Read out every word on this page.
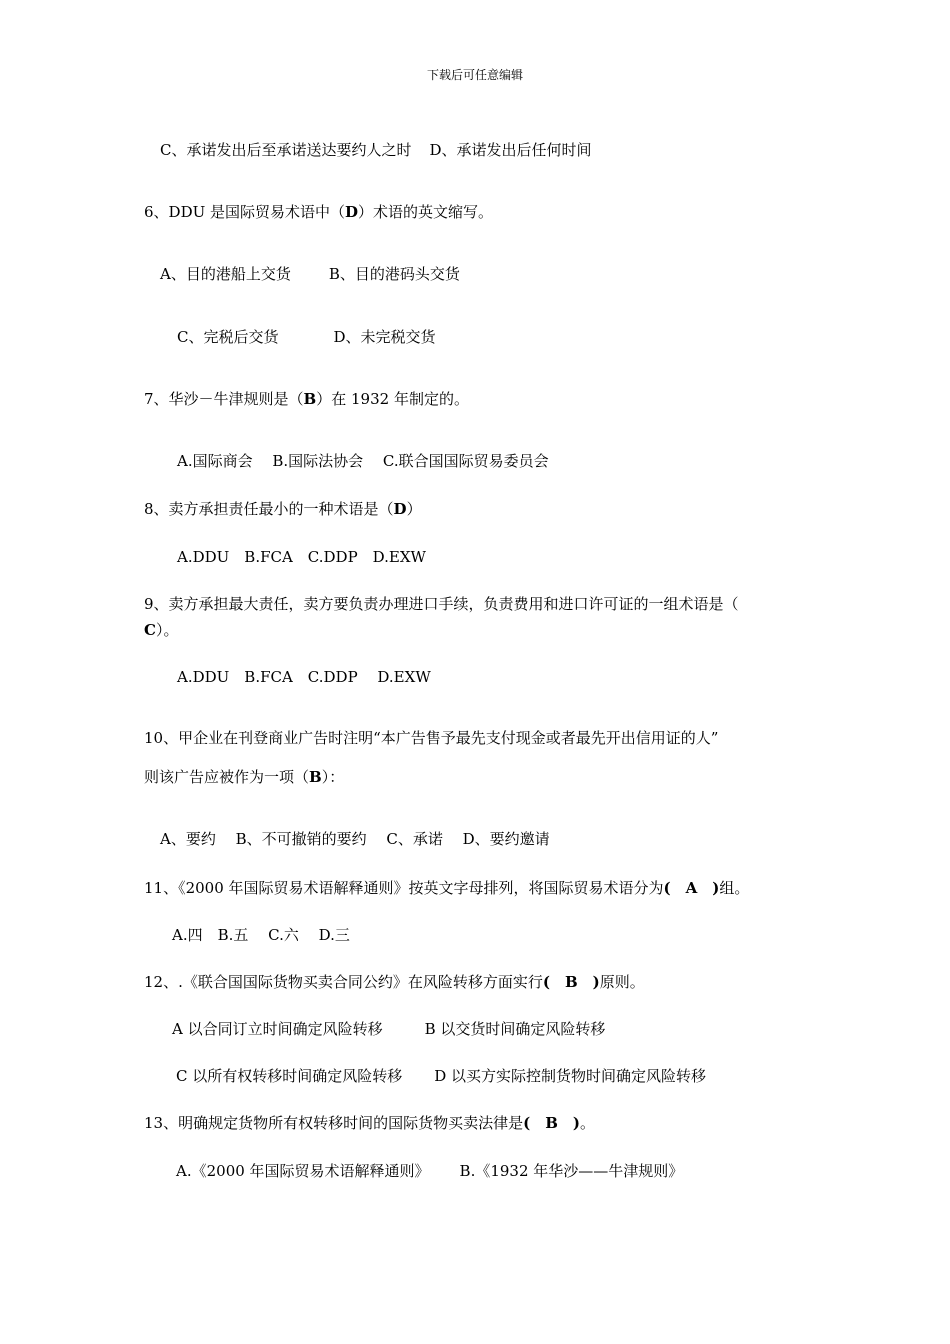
下载后可任意编辑
C、承诺发出后至承诺送达要约人之时 D、承诺发出后任何时间
6、DDU 是国际贸易术语中（D）术语的英文缩写。
A、目的港船上交货	B、目的港码头交货
C、完税后交货	D、未完税交货
7、华沙－牛津规则是（B）在 1932 年制定的。
A.国际商会　 B.国际法协会　 C.联合国国际贸易委员会
8、卖方承担责任最小的一种术语是（D）
A.DDU　B.FCA　C.DDP　D.EXW
9、卖方承担最大责任，卖方要负责办理进口手续，负责费用和进口许可证的一组术语是（
C）。
A.DDU　B.FCA　C.DDP　 D.EXW
10、甲企业在刊登商业广告时注明“本广告售予最先支付现金或者最先开出信用证的人”
则该广告应被作为一项（B）：
A、要约　 B、不可撤销的要约　 C、承诺　 D、要约邀请
11、《2000 年国际贸易术语解释通则》按英文字母排列，将国际贸易术语分为(　A　)组。
A.四　B.五　 C.六　 D.三
12、.《联合国国际货物买卖合同公约》在风险转移方面实行(　B　)原则。
A 以合同订立时间确定风险转移	B 以交货时间确定风险转移
C 以所有权转移时间确定风险转移 D 以买方实际控制货物时间确定风险转移
13、明确规定货物所有权转移时间的国际货物买卖法律是(　B　)。
A.《2000 年国际贸易术语解释通则》 B.《1932 年华沙——牛津规则》
